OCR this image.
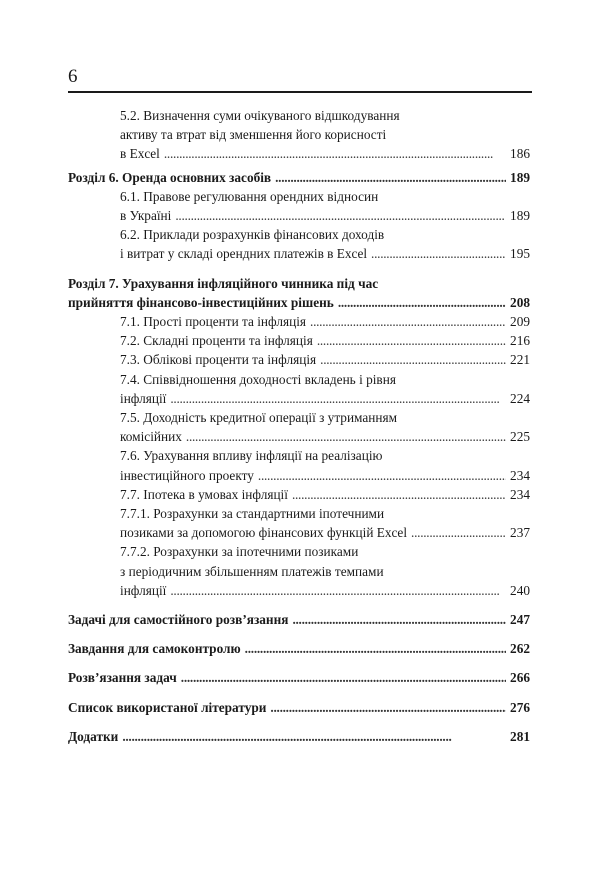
6
5.2. Визначення суми очікуваного відшкодування
активу та втрат від зменшення його корисності
в Excel . . .	186
Розділ 6. Оренда основних засобів . . .	189
6.1. Правове регулювання орендних відносин
в Україні . . .	189
6.2. Приклади розрахунків фінансових доходів
і витрат у складі орендних платежів в Excel . . .	195
Розділ 7. Урахування інфляційного чинника під час
прийняття фінансово-інвестиційних рішень . . .	208
7.1. Прості проценти та інфляція . . .	209
7.2. Складні проценти та інфляція . . .	216
7.3. Облікові проценти та інфляція . . .	221
7.4. Співвідношення доходності вкладень і рівня
інфляції . . .	224
7.5. Доходність кредитної операції з утриманням
комісійних . . .	225
7.6. Урахування впливу інфляції на реалізацію
інвестиційного проекту . . .	234
7.7. Іпотека в умовах інфляції . . .	234
7.7.1. Розрахунки за стандартними іпотечними
позиками за допомогою фінансових функцій Excel . . .	237
7.7.2. Розрахунки за іпотечними позиками
з періодичним збільшенням платежів темпами
інфляції . . .	240
Задачі для самостійного розв’язання . . .	247
Завдання для самоконтролю . . .	262
Розв’язання задач . . .	266
Список використаної літератури . . .	276
Додатки . . .	281
